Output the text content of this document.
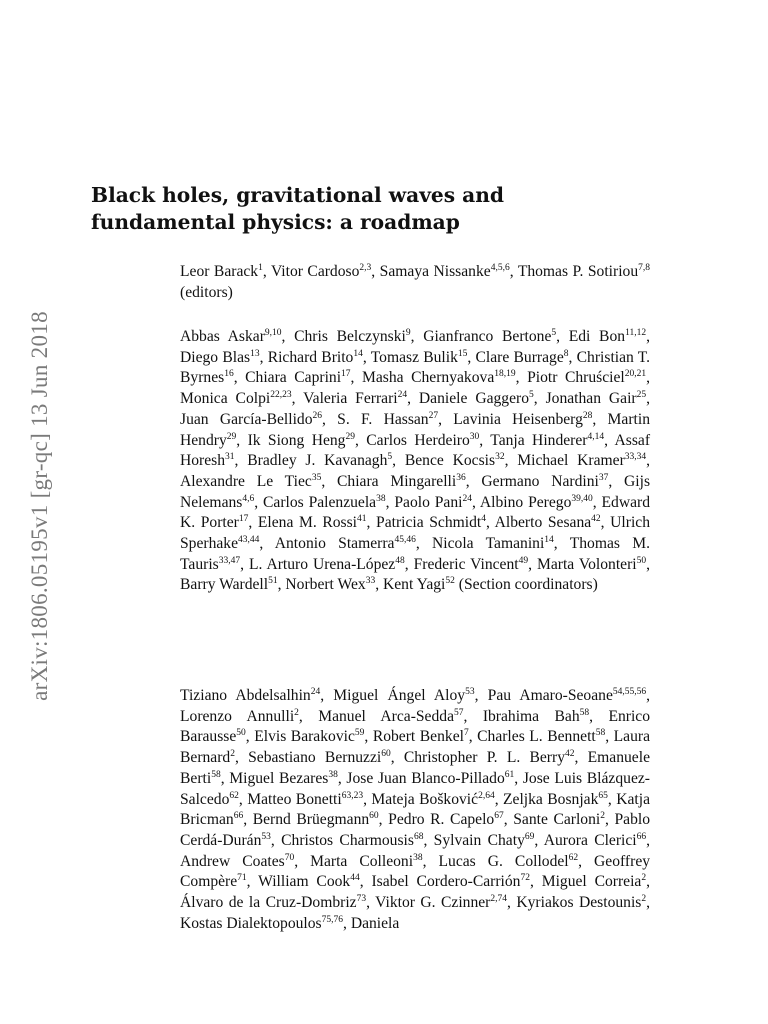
arXiv:1806.05195v1 [gr-qc] 13 Jun 2018
Black holes, gravitational waves and fundamental physics: a roadmap
Leor Barack$^1$, Vitor Cardoso$^{2,3}$, Samaya Nissanke$^{4,5,6}$, Thomas P. Sotiriou$^{7,8}$ (editors)
Abbas Askar$^{9,10}$, Chris Belczynski$^9$, Gianfranco Bertone$^5$, Edi Bon$^{11,12}$, Diego Blas$^{13}$, Richard Brito$^{14}$, Tomasz Bulik$^{15}$, Clare Burrage$^8$, Christian T. Byrnes$^{16}$, Chiara Caprini$^{17}$, Masha Chernyakova$^{18,19}$, Piotr Chruściel$^{20,21}$, Monica Colpi$^{22,23}$, Valeria Ferrari$^{24}$, Daniele Gaggero$^5$, Jonathan Gair$^{25}$, Juan García-Bellido$^{26}$, S. F. Hassan$^{27}$, Lavinia Heisenberg$^{28}$, Martin Hendry$^{29}$, Ik Siong Heng$^{29}$, Carlos Herdeiro$^{30}$, Tanja Hinderer$^{4,14}$, Assaf Horesh$^{31}$, Bradley J. Kavanagh$^5$, Bence Kocsis$^{32}$, Michael Kramer$^{33,34}$, Alexandre Le Tiec$^{35}$, Chiara Mingarelli$^{36}$, Germano Nardini$^{37}$, Gijs Nelemans$^{4,6}$, Carlos Palenzuela$^{38}$, Paolo Pani$^{24}$, Albino Perego$^{39,40}$, Edward K. Porter$^{17}$, Elena M. Rossi$^{41}$, Patricia Schmidt$^4$, Alberto Sesana$^{42}$, Ulrich Sperhake$^{43,44}$, Antonio Stamerra$^{45,46}$, Nicola Tamanini$^{14}$, Thomas M. Tauris$^{33,47}$, L. Arturo Urena-López$^{48}$, Frederic Vincent$^{49}$, Marta Volonteri$^{50}$, Barry Wardell$^{51}$, Norbert Wex$^{33}$, Kent Yagi$^{52}$ (Section coordinators)
Tiziano Abdelsalhin$^{24}$, Miguel Ángel Aloy$^{53}$, Pau Amaro-Seoane$^{54,55,56}$, Lorenzo Annulli$^2$, Manuel Arca-Sedda$^{57}$, Ibrahima Bah$^{58}$, Enrico Barausse$^{50}$, Elvis Barakovic$^{59}$, Robert Benkel$^7$, Charles L. Bennett$^{58}$, Laura Bernard$^2$, Sebastiano Bernuzzi$^{60}$, Christopher P. L. Berry$^{42}$, Emanuele Berti$^{58}$, Miguel Bezares$^{38}$, Jose Juan Blanco-Pillado$^{61}$, Jose Luis Blázquez-Salcedo$^{62}$, Matteo Bonetti$^{63,23}$, Mateja Bošković$^{2,64}$, Zeljka Bosnjak$^{65}$, Katja Bricman$^{66}$, Bernd Brüegmann$^{60}$, Pedro R. Capelo$^{67}$, Sante Carloni$^2$, Pablo Cerdá-Durán$^{53}$, Christos Charmousis$^{68}$, Sylvain Chaty$^{69}$, Aurora Clerici$^{66}$, Andrew Coates$^{70}$, Marta Colleoni$^{38}$, Lucas G. Collodel$^{62}$, Geoffrey Compère$^{71}$, William Cook$^{44}$, Isabel Cordero-Carrión$^{72}$, Miguel Correia$^2$, Álvaro de la Cruz-Dombriz$^{73}$, Viktor G. Czinner$^{2,74}$, Kyriakos Destounis$^2$, Kostas Dialektopoulos$^{75,76}$, Daniela
